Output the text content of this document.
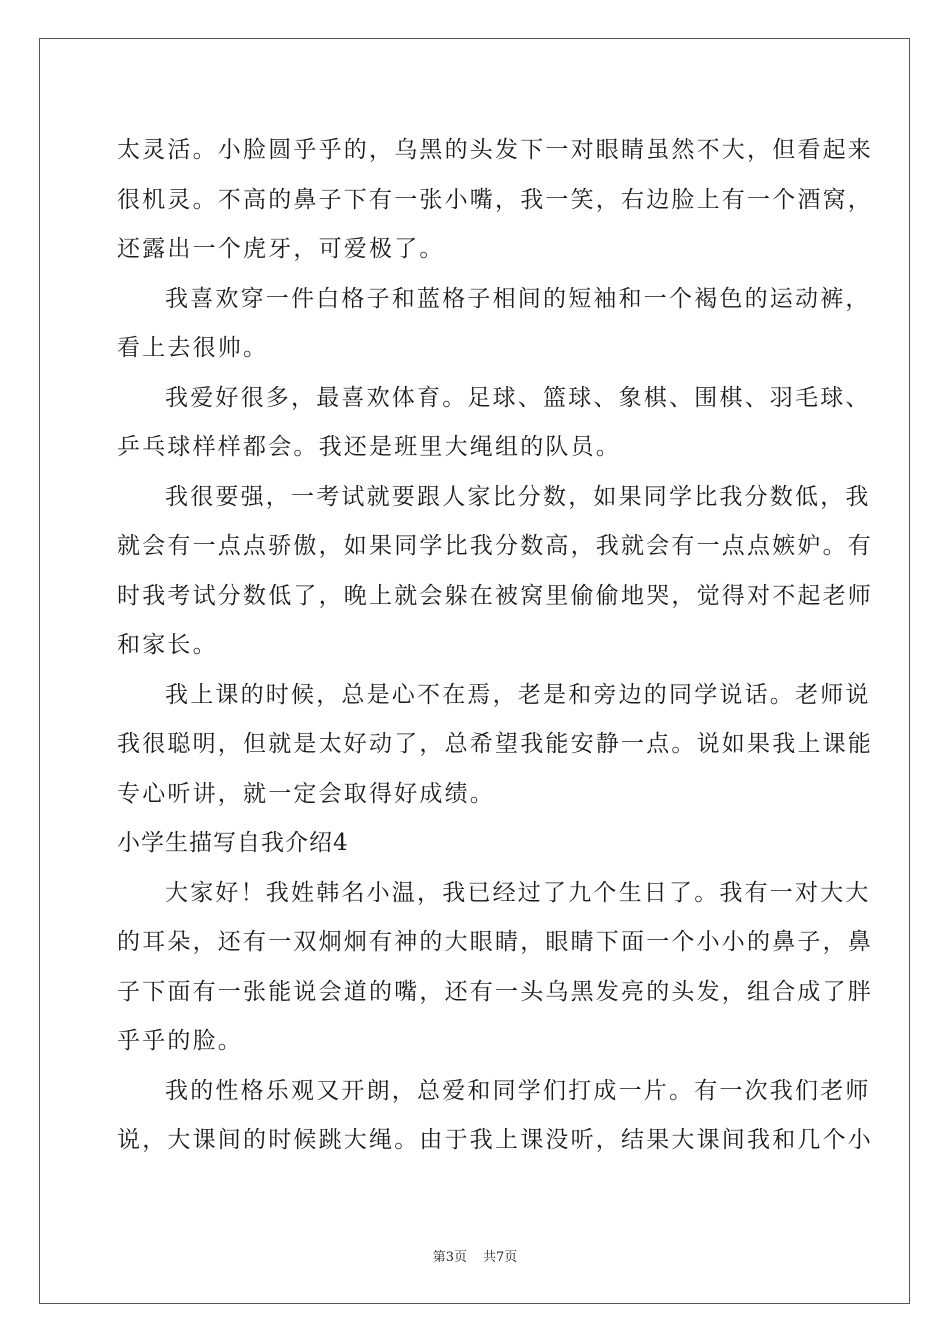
太灵活。小脸圆乎乎的，乌黑的头发下一对眼睛虽然不大，但看起来
很机灵。不高的鼻子下有一张小嘴，我一笑，右边脸上有一个酒窝，
还露出一个虎牙，可爱极了。
我喜欢穿一件白格子和蓝格子相间的短袖和一个褐色的运动裤，
看上去很帅。
我爱好很多，最喜欢体育。足球、篮球、象棋、围棋、羽毛球、
乒乓球样样都会。我还是班里大绳组的队员。
我很要强，一考试就要跟人家比分数，如果同学比我分数低，我
就会有一点点骄傲，如果同学比我分数高，我就会有一点点嫉妒。有
时我考试分数低了，晚上就会躲在被窝里偷偷地哭，觉得对不起老师
和家长。
我上课的时候，总是心不在焉，老是和旁边的同学说话。老师说
我很聪明，但就是太好动了，总希望我能安静一点。说如果我上课能
专心听讲，就一定会取得好成绩。
小学生描写自我介绍4
大家好！我姓韩名小温，我已经过了九个生日了。我有一对大大
的耳朵，还有一双炯炯有神的大眼睛，眼睛下面一个小小的鼻子，鼻
子下面有一张能说会道的嘴，还有一头乌黑发亮的头发，组合成了胖
乎乎的脸。
我的性格乐观又开朗，总爱和同学们打成一片。有一次我们老师
说，大课间的时候跳大绳。由于我上课没听，结果大课间我和几个小
第3页 共7页
